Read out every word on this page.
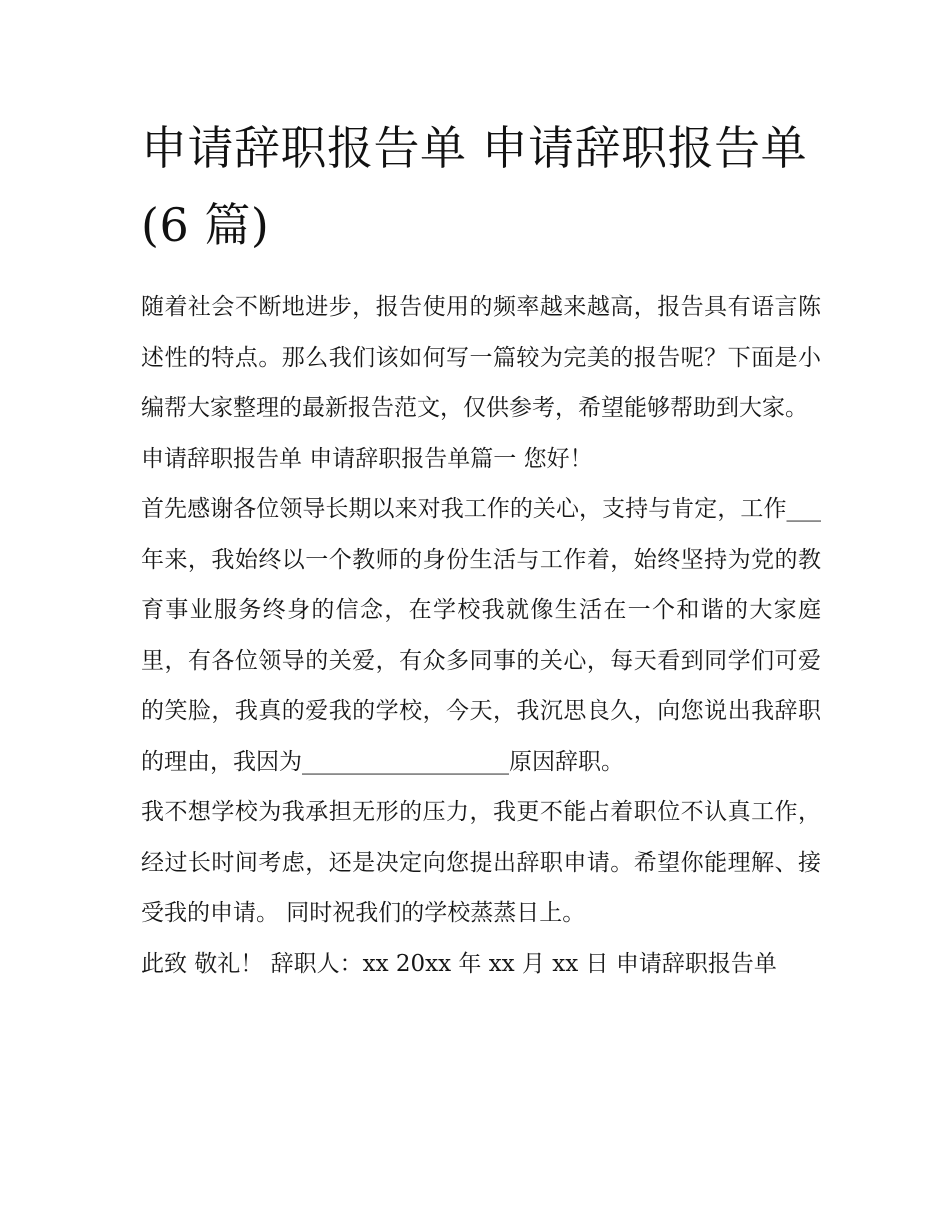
申请辞职报告单 申请辞职报告单(6 篇)

随着社会不断地进步，报告使用的频率越来越高，报告具有语言陈述性的特点。那么我们该如何写一篇较为完美的报告呢？下面是小编帮大家整理的最新报告范文，仅供参考，希望能够帮助到大家。

申请辞职报告单 申请辞职报告单篇一 您好！

首先感谢各位领导长期以来对我工作的关心，支持与肯定，工作___年来，我始终以一个教师的身份生活与工作着，始终坚持为党的教育事业服务终身的信念，在学校我就像生活在一个和谐的大家庭里，有各位领导的关爱，有众多同事的关心，每天看到同学们可爱的笑脸，我真的爱我的学校，今天，我沉思良久，向您说出我辞职的理由，我因为__________________原因辞职。

我不想学校为我承担无形的压力，我更不能占着职位不认真工作，经过长时间考虑，还是决定向您提出辞职申请。希望你能理解、接受我的申请。 同时祝我们的学校蒸蒸日上。

此致 敬礼！ 辞职人：xx 20xx 年 xx 月 xx 日 申请辞职报告单
